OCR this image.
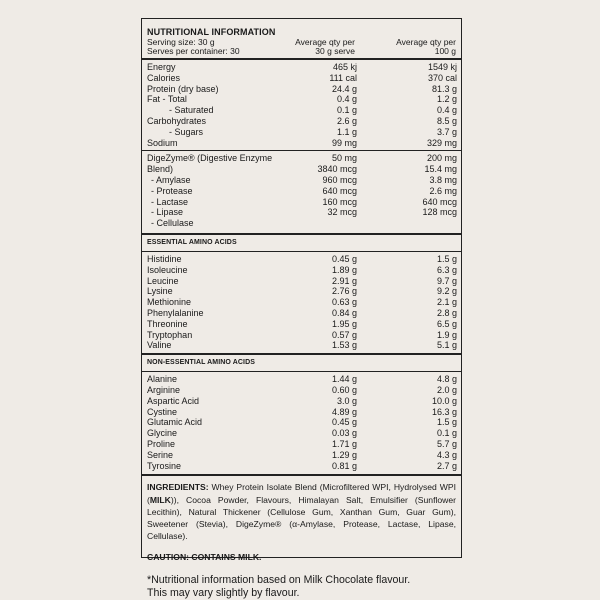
NUTRITIONAL INFORMATION
Serving size: 30 g	Average qty per	Average qty per
Serves per container: 30	30 g serve	100 g
Energy	465 kj	1549 kj
Calories	111 cal	370 cal
Protein (dry base)	24.4 g	81.3 g
Fat - Total	0.4 g	1.2 g
- Saturated	0.1 g	0.4 g
Carbohydrates	2.6 g	8.5 g
- Sugars	1.1 g	3.7 g
Sodium	99 mg	329 mg
DigeZyme® (Digestive Enzyme	50 mg	200 mg
Blend)	3840 mcg	15.4 mg
- Amylase	960 mcg	3.8 mg
- Protease	640 mcg	2.6 mg
- Lactase	160 mcg	640 mcg
- Lipase	32 mcg	128 mcg
- Cellulase
ESSENTIAL AMINO ACIDS
Histidine	0.45 g	1.5 g
Isoleucine	1.89 g	6.3 g
Leucine	2.91 g	9.7 g
Lysine	2.76 g	9.2 g
Methionine	0.63 g	2.1 g
Phenylalanine	0.84 g	2.8 g
Threonine	1.95 g	6.5 g
Tryptophan	0.57 g	1.9 g
Valine	1.53 g	5.1 g
NON-ESSENTIAL AMINO ACIDS
Alanine	1.44 g	4.8 g
Arginine	0.60 g	2.0 g
Aspartic Acid	3.0 g	10.0 g
Cystine	4.89 g	16.3 g
Glutamic Acid	0.45 g	1.5 g
Glycine	0.03 g	0.1 g
Proline	1.71 g	5.7 g
Serine	1.29 g	4.3 g
Tyrosine	0.81 g	2.7 g
INGREDIENTS: Whey Protein Isolate Blend (Microfiltered WPI, Hydrolysed WPI (MILK)), Cocoa Powder, Flavours, Himalayan Salt, Emulsifier (Sunflower Lecithin), Natural Thickener (Cellulose Gum, Xanthan Gum, Guar Gum), Sweetener (Stevia), DigeZyme® (α-Amylase, Protease, Lactase, Lipase, Cellulase).
CAUTION: CONTAINS MILK.
*Nutritional information based on Milk Chocolate flavour.
This may vary slightly by flavour.
